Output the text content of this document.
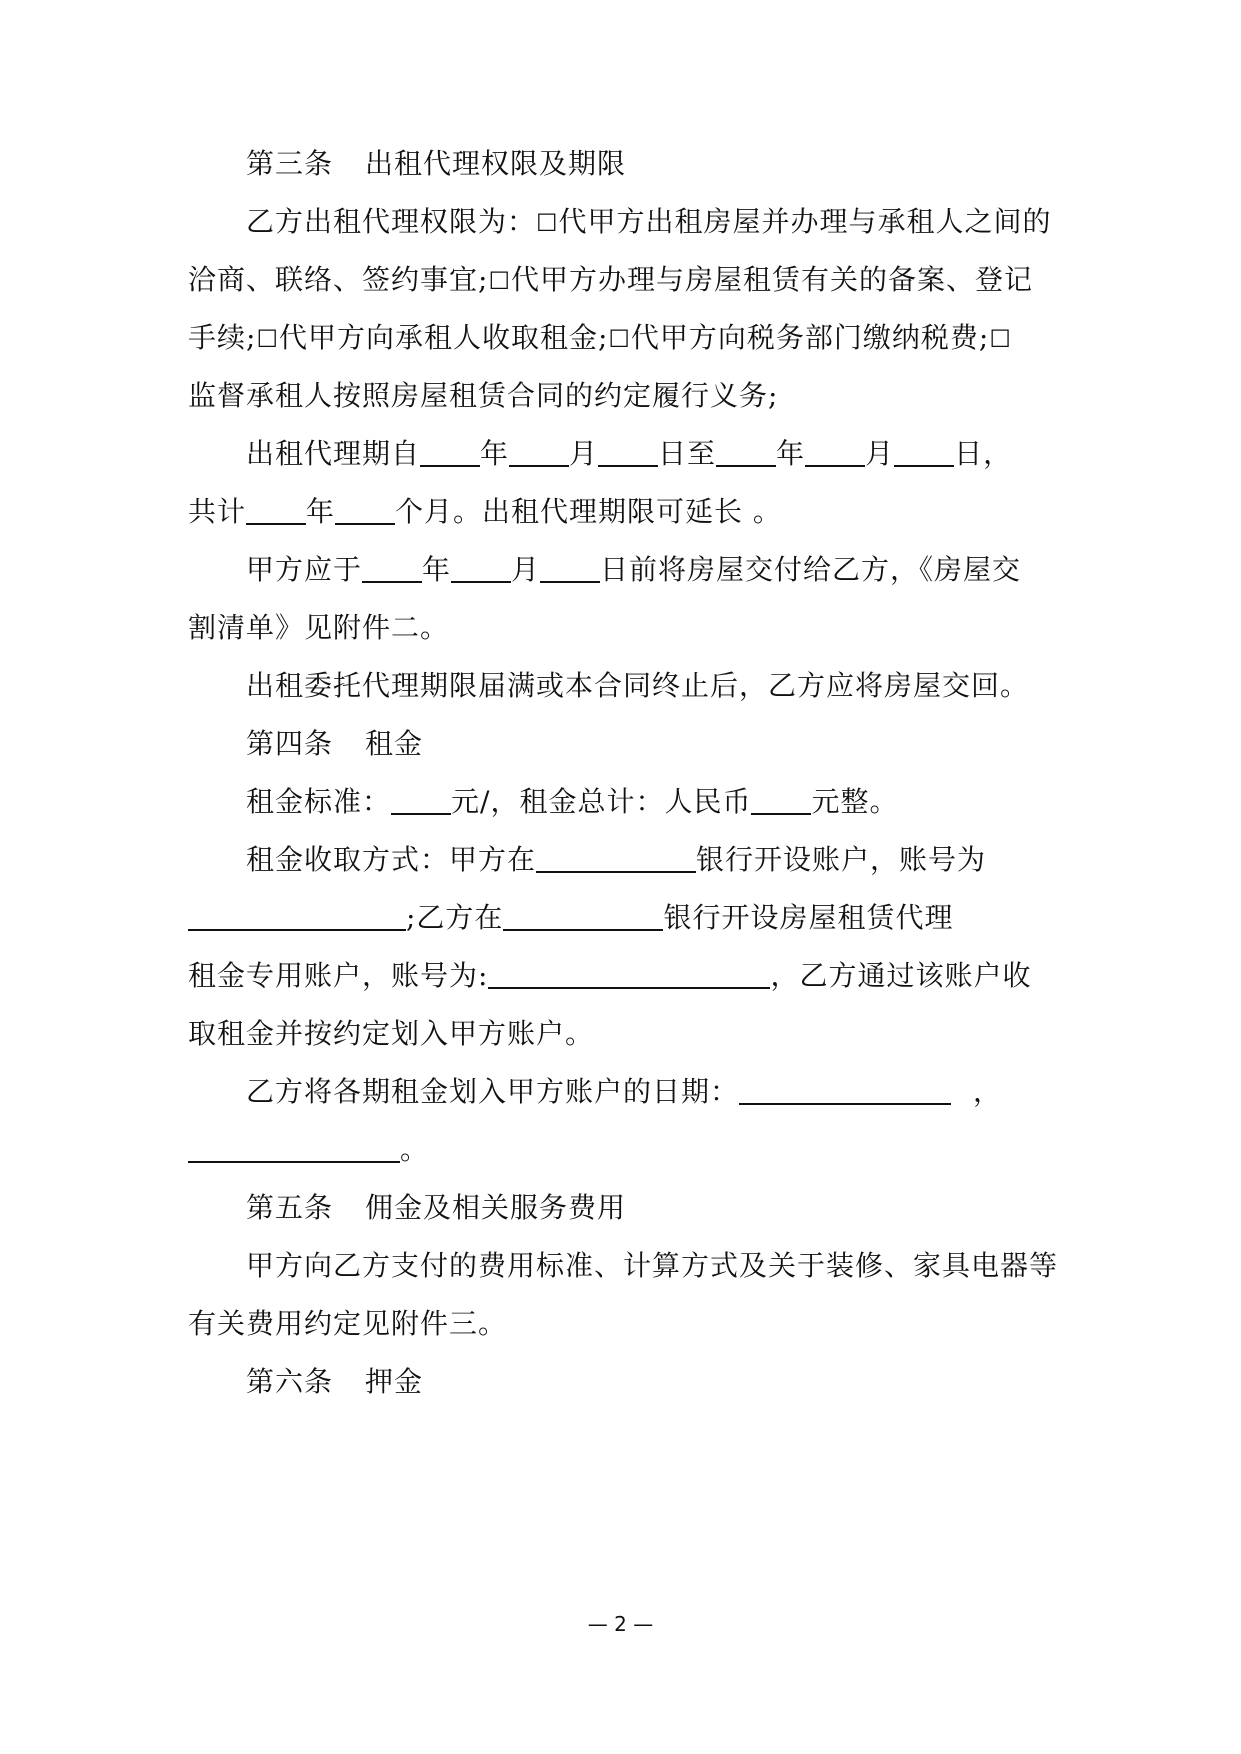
第三条 出租代理权限及期限
乙方出租代理权限为：☐代甲方出租房屋并办理与承租人之间的
洽商、联络、签约事宜;☐代甲方办理与房屋租赁有关的备案、登记
手续;☐代甲方向承租人收取租金;☐代甲方向税务部门缴纳税费;☐
监督承租人按照房屋租赁合同的约定履行义务;
出租代理期自 年 月 日至 年 月 日，
共计 年 个月。出租代理期限可延长 。
甲方应于 年 月 日前将房屋交付给乙方，《房屋交
割清单》见附件二。
出租委托代理期限届满或本合同终止后，乙方应将房屋交回。
第四条 租金
租金标准： 元/，租金总计：人民币 元整。
租金收取方式：甲方在	银行开设账户，账号为
;乙方在	银行开设房屋租赁代理
租金专用账户，账号为:	，乙方通过该账户收
取租金并按约定划入甲方账户。
乙方将各期租金划入甲方账户的日期：	，
。
第五条 佣金及相关服务费用
甲方向乙方支付的费用标准、计算方式及关于装修、家具电器等
有关费用约定见附件三。
第六条 押金
— 2 —
